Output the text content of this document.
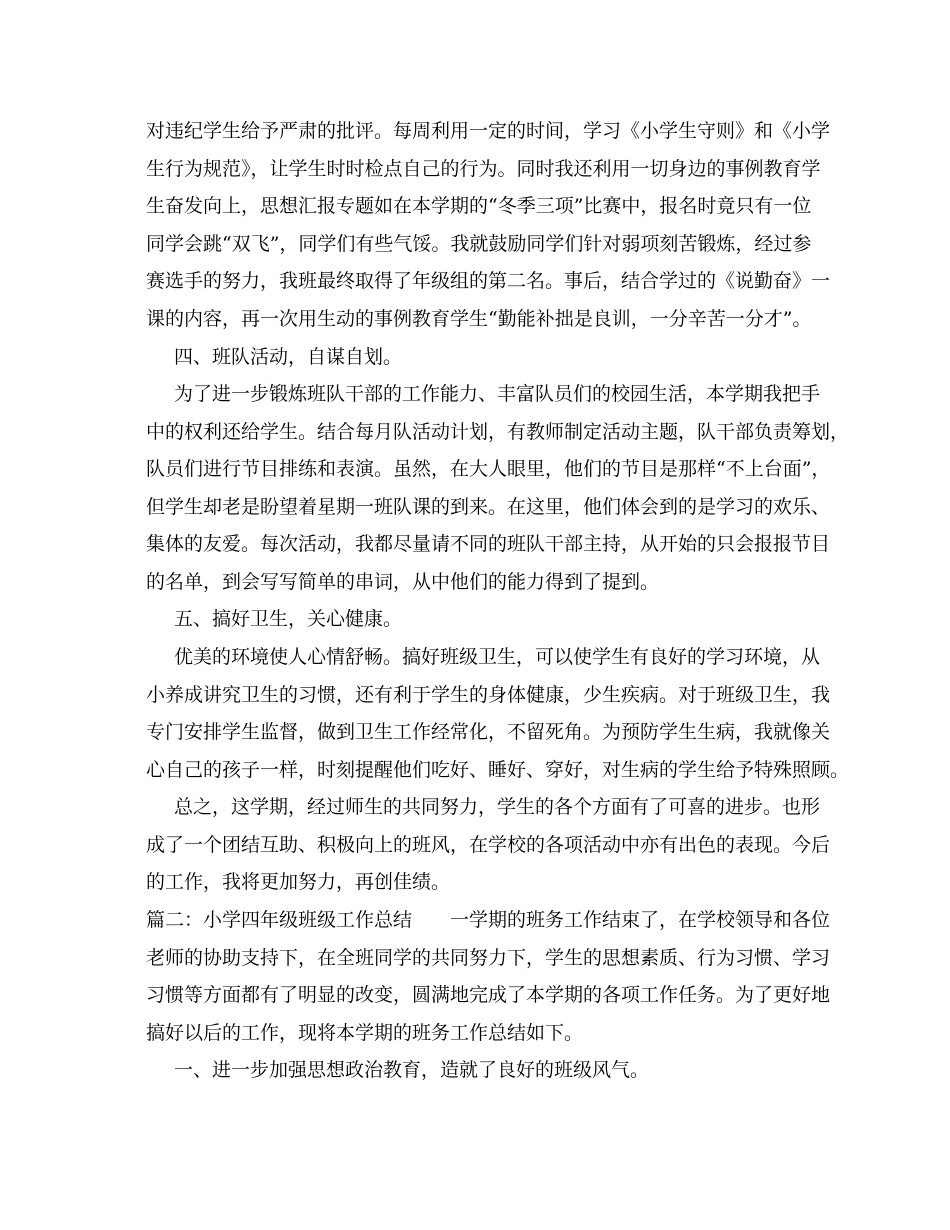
对违纪学生给予严肃的批评。每周利用一定的时间，学习《小学生守则》和《小学
生行为规范》，让学生时时检点自己的行为。同时我还利用一切身边的事例教育学
生奋发向上，思想汇报专题如在本学期的“冬季三项”比赛中，报名时竟只有一位
同学会跳“双飞”，同学们有些气馁。我就鼓励同学们针对弱项刻苦锻炼，经过参
赛选手的努力，我班最终取得了年级组的第二名。事后，结合学过的《说勤奋》一
课的内容，再一次用生动的事例教育学生“勤能补拙是良训，一分辛苦一分才”。
四、班队活动，自谋自划。
为了进一步锻炼班队干部的工作能力、丰富队员们的校园生活，本学期我把手
中的权利还给学生。结合每月队活动计划，有教师制定活动主题，队干部负责筹划，
队员们进行节目排练和表演。虽然，在大人眼里，他们的节目是那样“不上台面”，
但学生却老是盼望着星期一班队课的到来。在这里，他们体会到的是学习的欢乐、
集体的友爱。每次活动，我都尽量请不同的班队干部主持，从开始的只会报报节目
的名单，到会写写简单的串词，从中他们的能力得到了提到。
五、搞好卫生，关心健康。
优美的环境使人心情舒畅。搞好班级卫生，可以使学生有良好的学习环境，从
小养成讲究卫生的习惯，还有利于学生的身体健康，少生疾病。对于班级卫生，我
专门安排学生监督，做到卫生工作经常化，不留死角。为预防学生生病，我就像关
心自己的孩子一样，时刻提醒他们吃好、睡好、穿好，对生病的学生给予特殊照顾。
总之，这学期，经过师生的共同努力，学生的各个方面有了可喜的进步。也形
成了一个团结互助、积极向上的班风，在学校的各项活动中亦有出色的表现。今后
的工作，我将更加努力，再创佳绩。
篇二：小学四年级班级工作总结　　一学期的班务工作结束了，在学校领导和各位
老师的协助支持下，在全班同学的共同努力下，学生的思想素质、行为习惯、学习
习惯等方面都有了明显的改变，圆满地完成了本学期的各项工作任务。为了更好地
搞好以后的工作，现将本学期的班务工作总结如下。
一、进一步加强思想政治教育，造就了良好的班级风气。
